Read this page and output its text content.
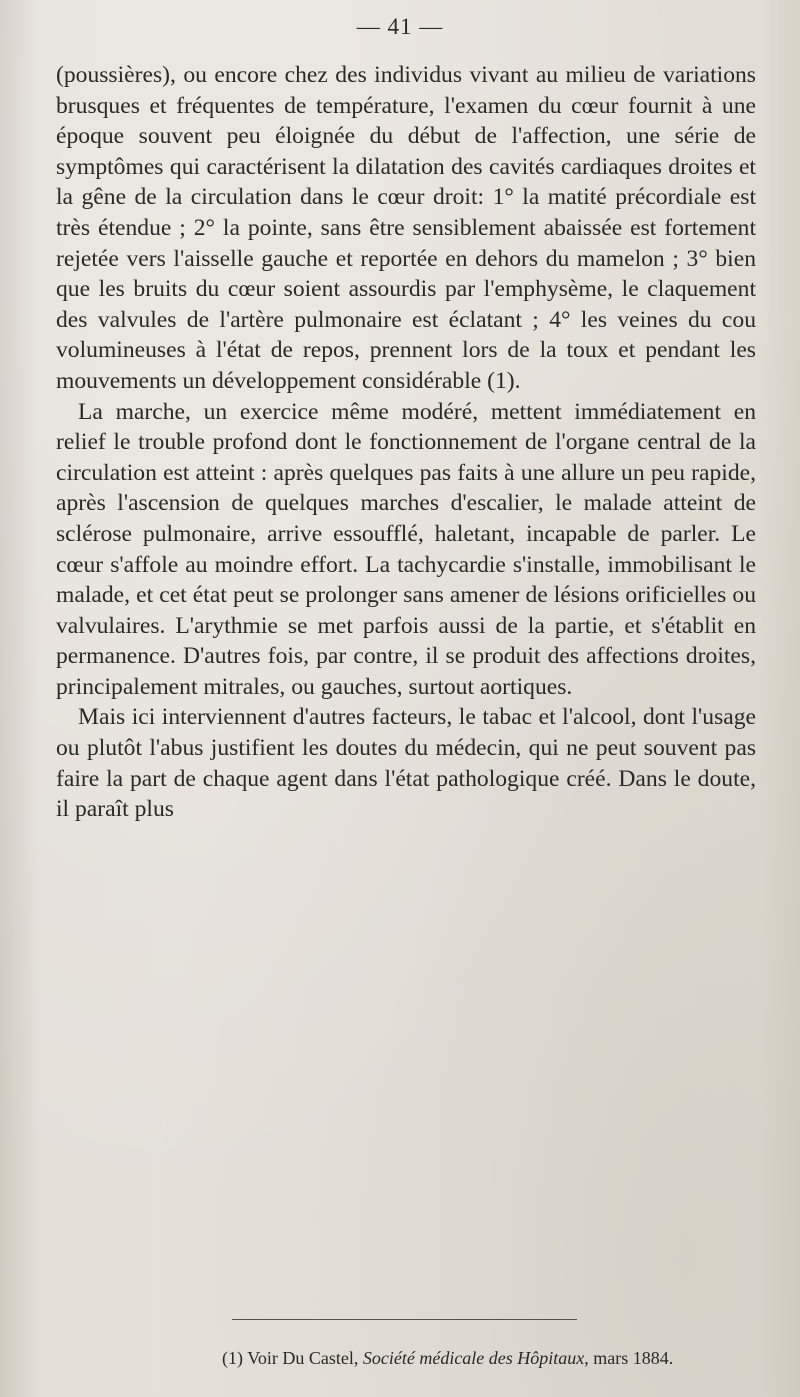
— 41 —

(poussières), ou encore chez des individus vivant au milieu de variations brusques et fréquentes de température, l'examen du cœur fournit à une époque souvent peu éloignée du début de l'affection, une série de symptômes qui caractérisent la dilatation des cavités cardiaques droites et la gêne de la circulation dans le cœur droit: 1° la matité précordiale est très étendue ; 2° la pointe, sans être sensiblement abaissée est fortement rejetée vers l'aisselle gauche et reportée en dehors du mamelon ; 3° bien que les bruits du cœur soient assourdis par l'emphysème, le claquement des valvules de l'artère pulmonaire est éclatant ; 4° les veines du cou volumineuses à l'état de repos, prennent lors de la toux et pendant les mouvements un développement considérable (1).

La marche, un exercice même modéré, mettent immédiatement en relief le trouble profond dont le fonctionnement de l'organe central de la circulation est atteint : après quelques pas faits à une allure un peu rapide, après l'ascension de quelques marches d'escalier, le malade atteint de sclérose pulmonaire, arrive essoufflé, haletant, incapable de parler. Le cœur s'affole au moindre effort. La tachycardie s'installe, immobilisant le malade, et cet état peut se prolonger sans amener de lésions orificielles ou valvulaires. L'arythmie se met parfois aussi de la partie, et s'établit en permanence. D'autres fois, par contre, il se produit des affections droites, principalement mitrales, ou gauches, surtout aortiques.

Mais ici interviennent d'autres facteurs, le tabac et l'alcool, dont l'usage ou plutôt l'abus justifient les doutes du médecin, qui ne peut souvent pas faire la part de chaque agent dans l'état pathologique créé. Dans le doute, il paraît plus

(1) Voir Du Castel, Société médicale des Hôpitaux, mars 1884.
